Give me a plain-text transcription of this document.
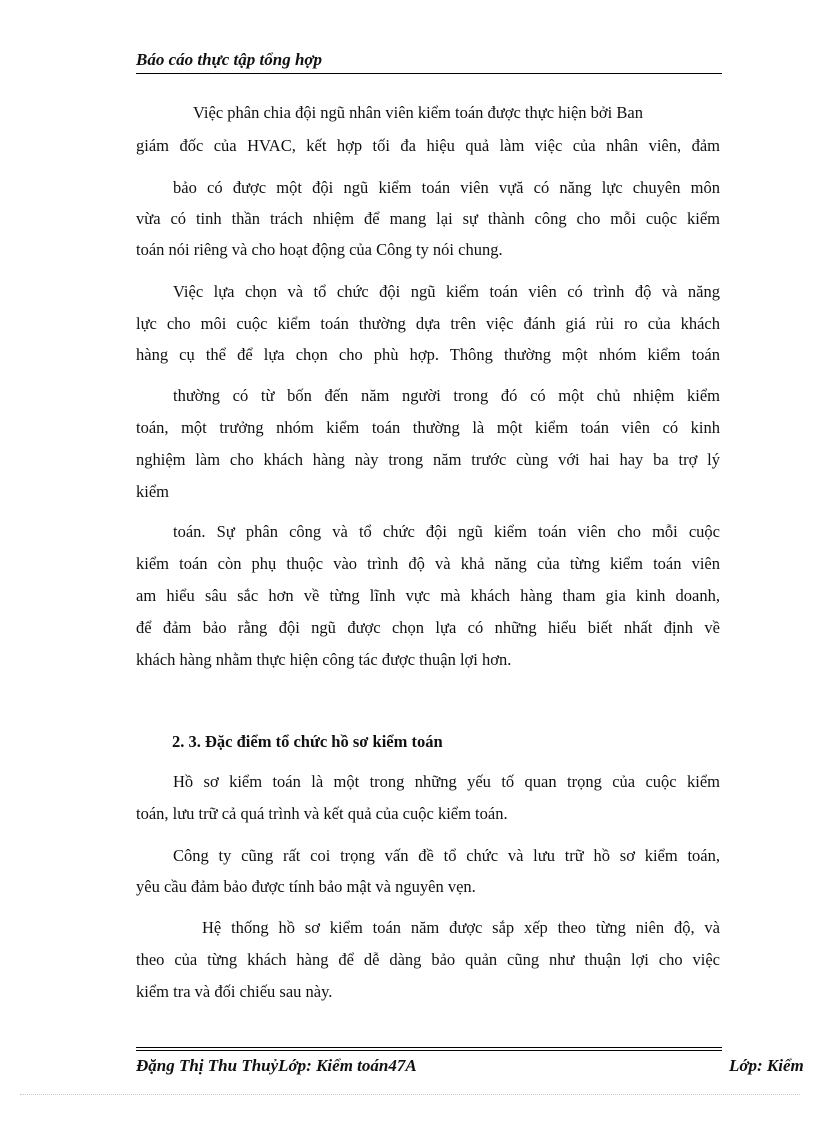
Báo cáo thực tập tổng hợp
Việc phân chia đội ngũ nhân viên kiểm toán được thực hiện bởi Ban
giám đốc của HVAC, kết hợp tối đa hiệu quả làm việc của nhân viên, đảm
bảo có được một đội ngũ kiểm toán viên vựă có năng lực chuyên môn
vừa có tinh thần trách nhiệm để mang lại sự thành công cho mỗi cuộc kiểm
toán nói riêng và cho hoạt động của Công ty nói chung.
Việc lựa chọn và tổ chức đội ngũ kiểm toán viên có trình độ và năng
lực cho môi cuộc kiểm toán thường dựa trên việc đánh giá rủi ro của khách
hàng cụ thể để lựa chọn cho phù hợp. Thông thường một nhóm kiểm toán
thường có từ bốn đến năm người trong đó có một chủ nhiệm kiểm
toán, một trưởng nhóm kiểm toán thường là một kiểm toán viên có kinh
nghiệm làm cho khách hàng này trong năm trước cùng với hai hay ba trợ lý
kiểm
toán. Sự phân công và tổ chức đội ngũ kiểm toán viên cho mỗi cuộc
kiểm toán còn phụ thuộc vào trình độ và khả năng của từng kiểm toán viên
am hiểu sâu sắc hơn về từng lĩnh vực mà khách hàng tham gia kinh doanh,
để đảm bảo rằng đội ngũ được chọn lựa có những hiểu biết nhất định về
khách hàng nhằm thực hiện công tác được thuận lợi hơn.
2. 3. Đặc điểm tổ chức hồ sơ kiểm toán
Hồ sơ kiểm toán là một trong những yếu tố quan trọng của cuộc kiểm
toán, lưu trữ cả quá trình và kết quả của cuộc kiểm toán.
Công ty cũng rất coi trọng vấn đề tổ chức và lưu trữ hồ sơ kiểm toán,
yêu cầu đảm bảo được tính bảo mật và nguyên vẹn.
Hệ thống hồ sơ kiểm toán năm được sắp xếp theo từng niên độ, và
theo của từng khách hàng để dễ dàng bảo quản cũng như thuận lợi cho việc
kiểm tra và đối chiếu sau này.
Đặng Thị Thu ThuỷLớp: Kiểm toán47A	Lớp: Kiểm
